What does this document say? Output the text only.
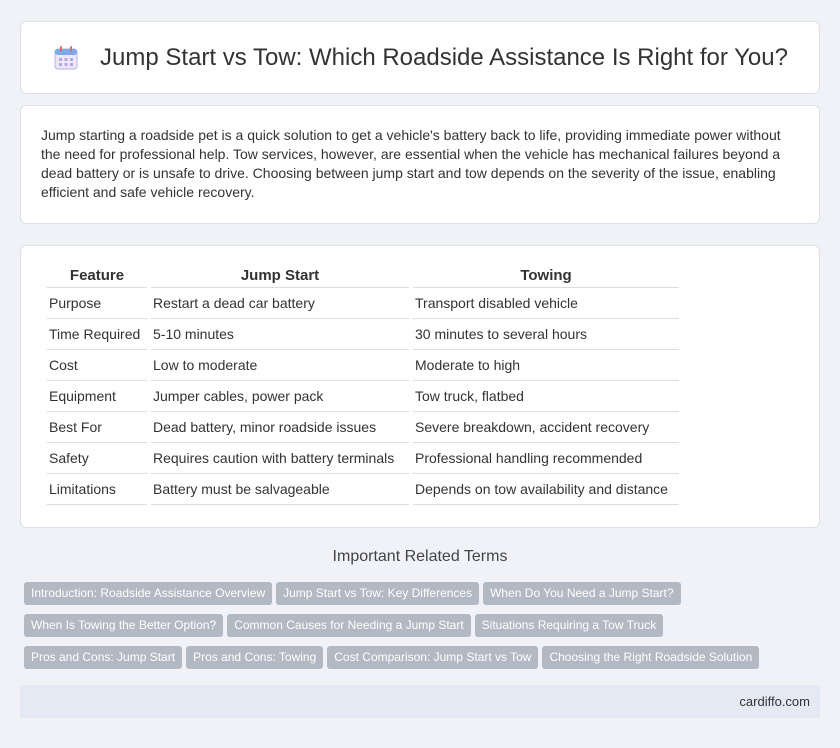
Jump Start vs Tow: Which Roadside Assistance Is Right for You?

Jump starting a roadside pet is a quick solution to get a vehicle's battery back to life, providing immediate power without the need for professional help. Tow services, however, are essential when the vehicle has mechanical failures beyond a dead battery or is unsafe to drive. Choosing between jump start and tow depends on the severity of the issue, enabling efficient and safe vehicle recovery.

Feature	Jump Start	Towing
Purpose	Restart a dead car battery	Transport disabled vehicle
Time Required	5-10 minutes	30 minutes to several hours
Cost	Low to moderate	Moderate to high
Equipment	Jumper cables, power pack	Tow truck, flatbed
Best For	Dead battery, minor roadside issues	Severe breakdown, accident recovery
Safety	Requires caution with battery terminals	Professional handling recommended
Limitations	Battery must be salvageable	Depends on tow availability and distance
Important Related Terms
Introduction: Roadside Assistance Overview Jump Start vs Tow: Key Differences When Do You Need a Jump Start?
When Is Towing the Better Option? Common Causes for Needing a Jump Start Situations Requiring a Tow Truck
Pros and Cons: Jump Start Pros and Cons: Towing Cost Comparison: Jump Start vs Tow Choosing the Right Roadside Solution
cardiffo.com
